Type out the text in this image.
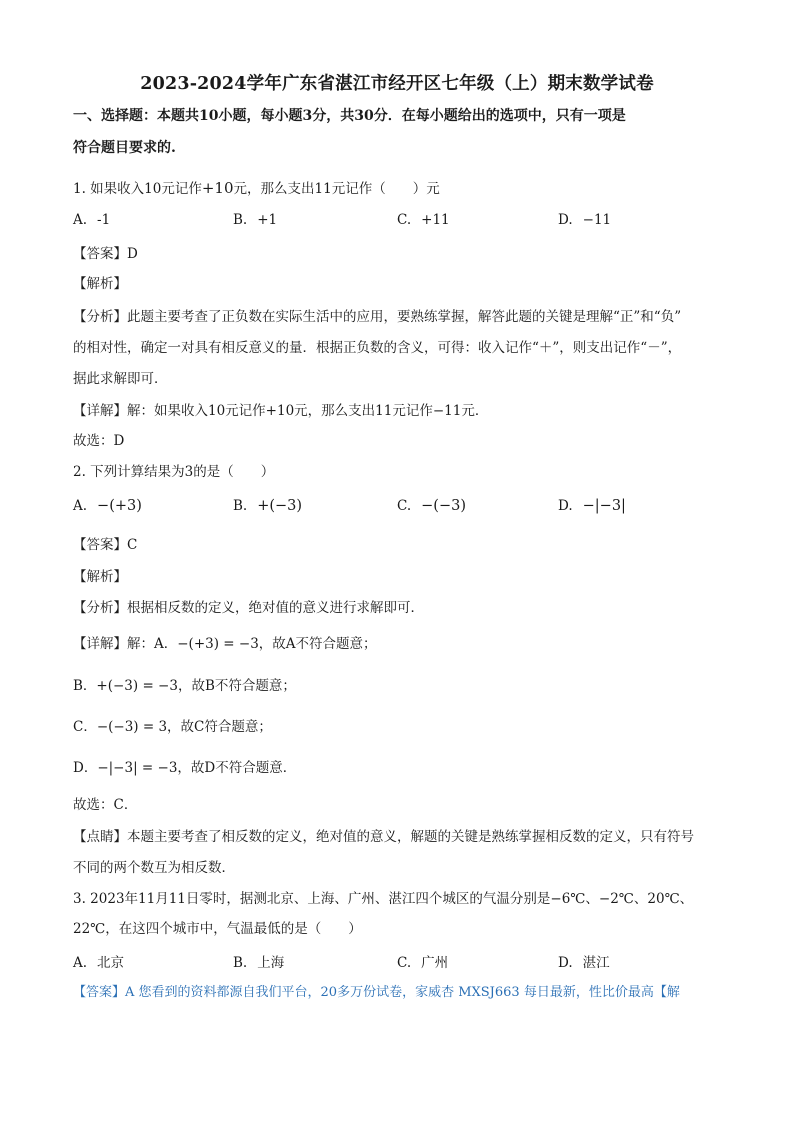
2023-2024学年广东省湛江市经开区七年级（上）期末数学试卷
一、选择题：本题共10小题，每小题3分，共30分．在每小题给出的选项中，只有一项是
符合题目要求的.
1. 如果收入10元记作+10元，那么支出11元记作（　　）元
A. -1	B. +1	C. +11	D. −11
【答案】D
【解析】
【分析】此题主要考查了正负数在实际生活中的应用，要熟练掌握，解答此题的关键是理解“正”和“负”
的相对性，确定一对具有相反意义的量．根据正负数的含义，可得：收入记作“＋”，则支出记作“－”，
据此求解即可．
【详解】解：如果收入10元记作+10元，那么支出11元记作−11元．
故选：D
2. 下列计算结果为3的是（　　）
A. −(+3)	B. +(−3)	C. −(−3)	D. −|−3|
【答案】C
【解析】
【分析】根据相反数的定义，绝对值的意义进行求解即可．
【详解】解：A．−(+3) = −3，故A不符合题意；
B．+(−3) = −3，故B不符合题意；
C．−(−3) = 3，故C符合题意；
D．−|−3| = −3，故D不符合题意．
故选：C．
【点睛】本题主要考查了相反数的定义，绝对值的意义，解题的关键是熟练掌握相反数的定义，只有符号
不同的两个数互为相反数．
3. 2023年11月11日零时，据测北京、上海、广州、湛江四个城区的气温分别是−6℃、−2℃、20℃、
22℃，在这四个城市中，气温最低的是（　　）
A. 北京	B. 上海	C. 广州	D. 湛江
【答案】A 您看到的资料都源自我们平台，20多万份试卷，家威杏 MXSJ663 每日最新，性比价最高【解
